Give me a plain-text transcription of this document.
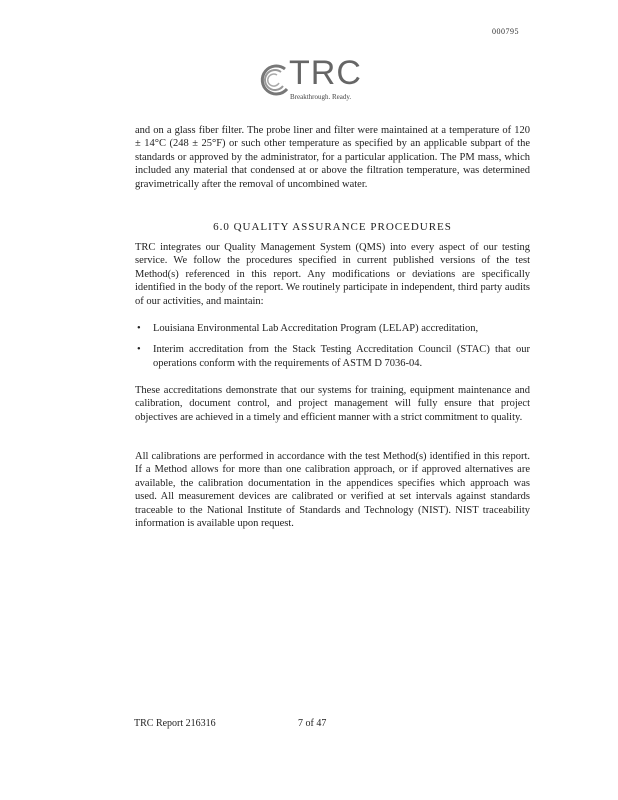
000795
TRC
Breakthrough. Ready.
and on a glass fiber filter. The probe liner and filter were maintained at a temperature of 120 ± 14°C (248 ± 25°F) or such other temperature as specified by an applicable subpart of the standards or approved by the administrator, for a particular application. The PM mass, which included any material that condensed at or above the filtration temperature, was determined gravimetrically after the removal of uncombined water.
6.0 QUALITY ASSURANCE PROCEDURES
TRC integrates our Quality Management System (QMS) into every aspect of our testing service. We follow the procedures specified in current published versions of the test Method(s) referenced in this report. Any modifications or deviations are specifically identified in the body of the report. We routinely participate in independent, third party audits of our activities, and maintain:
• Louisiana Environmental Lab Accreditation Program (LELAP) accreditation,
• Interim accreditation from the Stack Testing Accreditation Council (STAC) that our operations conform with the requirements of ASTM D 7036-04.
These accreditations demonstrate that our systems for training, equipment maintenance and calibration, document control, and project management will fully ensure that project objectives are achieved in a timely and efficient manner with a strict commitment to quality.
All calibrations are performed in accordance with the test Method(s) identified in this report. If a Method allows for more than one calibration approach, or if approved alternatives are available, the calibration documentation in the appendices specifies which approach was used. All measurement devices are calibrated or verified at set intervals against standards traceable to the National Institute of Standards and Technology (NIST). NIST traceability information is available upon request.
TRC Report 216316	7 of 47
